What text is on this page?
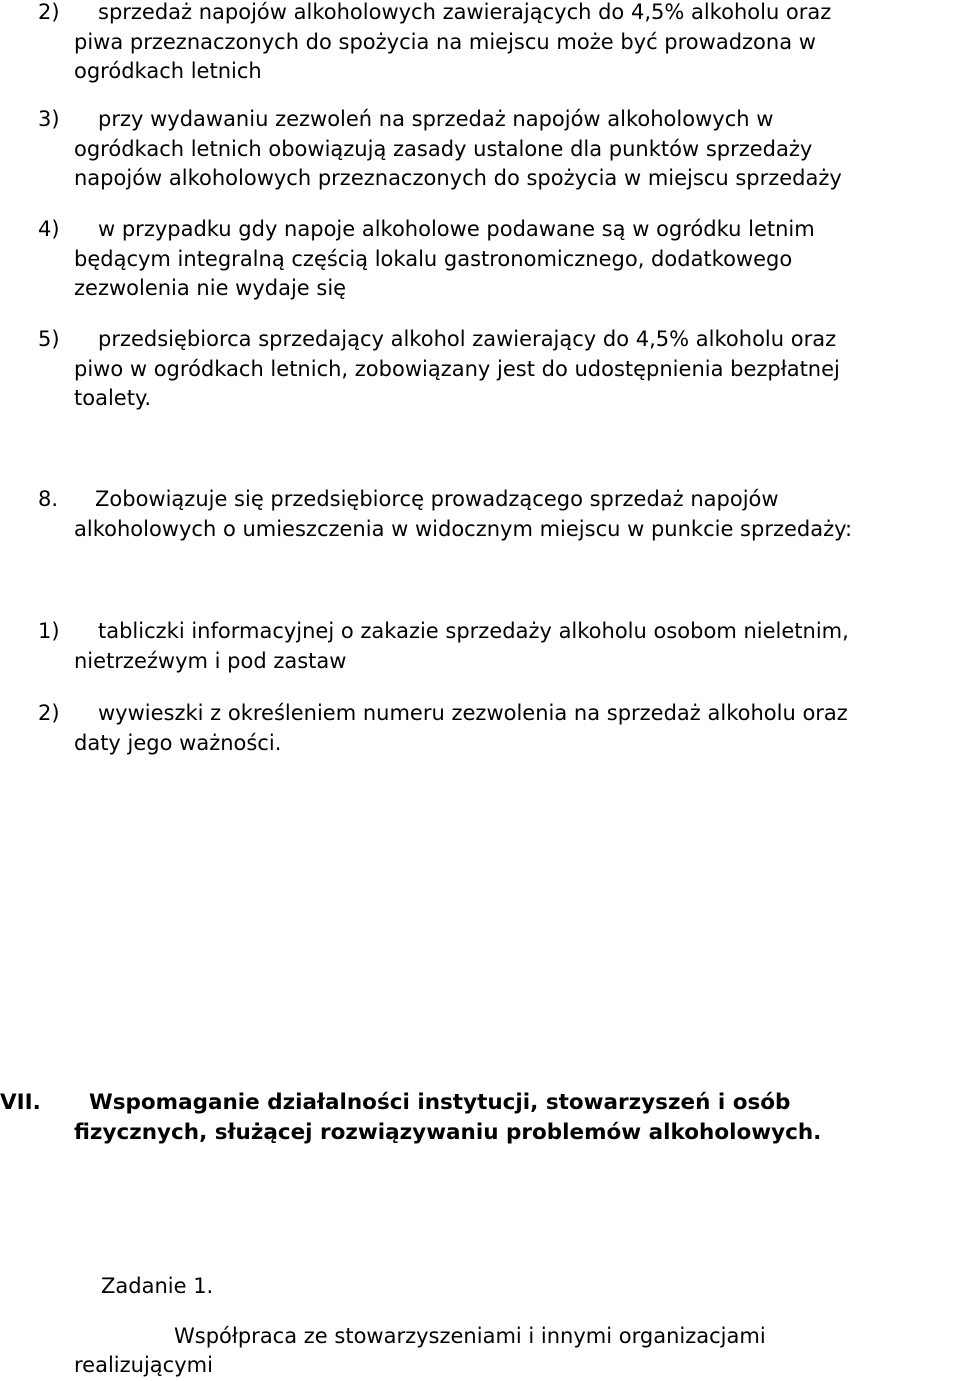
2) sprzedaż napojów alkoholowych zawierających do 4,5% alkoholu oraz
piwa przeznaczonych do spożycia na miejscu może być prowadzona w
ogródkach letnich
3) przy wydawaniu zezwoleń na sprzedaż napojów alkoholowych w
ogródkach letnich obowiązują zasady ustalone dla punktów sprzedaży
napojów alkoholowych przeznaczonych do spożycia w miejscu sprzedaży
4) w przypadku gdy napoje alkoholowe podawane są w ogródku letnim
będącym integralną częścią lokalu gastronomicznego, dodatkowego
zezwolenia nie wydaje się
5) przedsiębiorca sprzedający alkohol zawierający do 4,5% alkoholu oraz
piwo w ogródkach letnich, zobowiązany jest do udostępnienia bezpłatnej
toalety.
8. Zobowiązuje się przedsiębiorcę prowadzącego sprzedaż napojów
alkoholowych o umieszczenia w widocznym miejscu w punkcie sprzedaży:
1) tabliczki informacyjnej o zakazie sprzedaży alkoholu osobom nieletnim,
nietrzeźwym i pod zastaw
2) wywieszki z określeniem numeru zezwolenia na sprzedaż alkoholu oraz
daty jego ważności.
VII. Wspomaganie działalności instytucji, stowarzyszeń i osób
fizycznych, służącej rozwiązywaniu problemów alkoholowych.
Zadanie 1.
Współpraca ze stowarzyszeniami i innymi organizacjami
realizującymi
